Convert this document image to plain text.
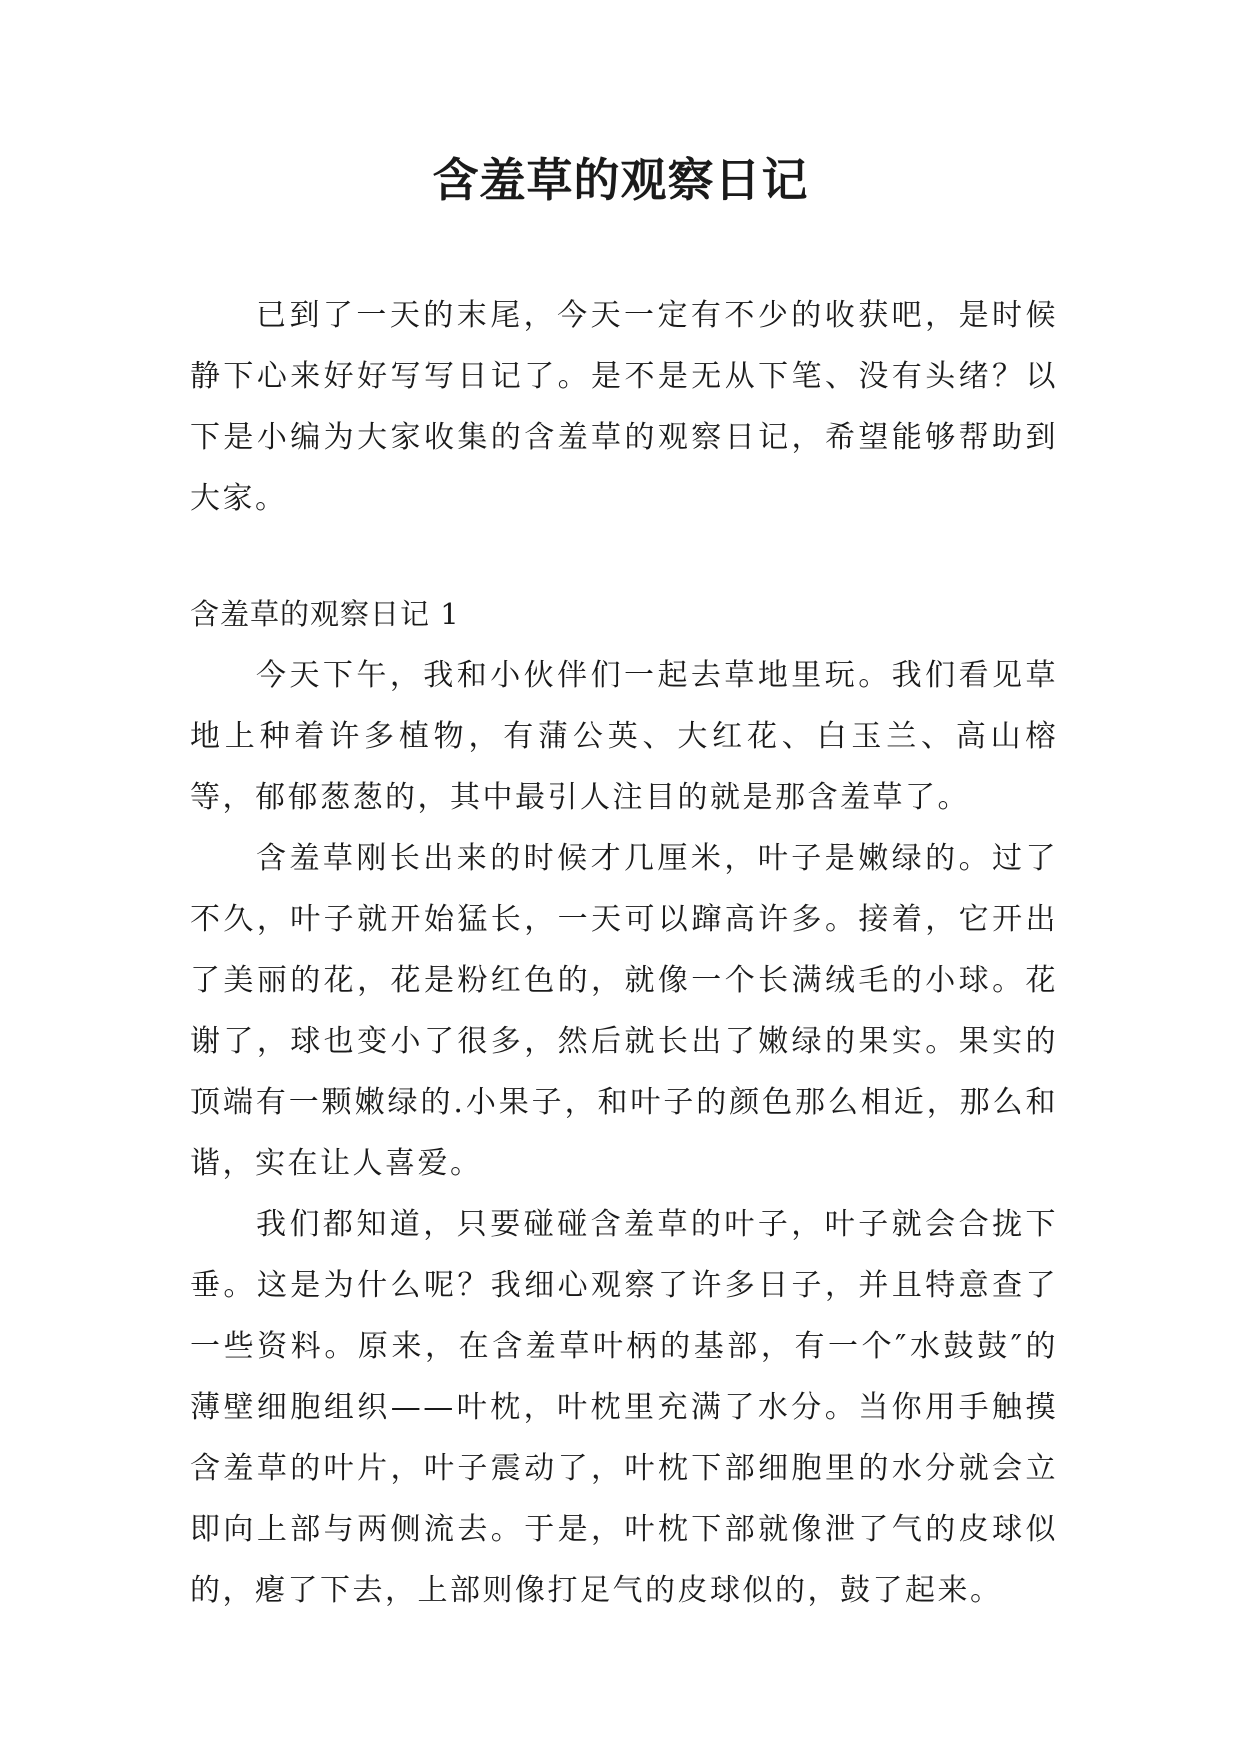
含羞草的观察日记

已到了一天的末尾，今天一定有不少的收获吧，是时候静下心来好好写写日记了。是不是无从下笔、没有头绪？以下是小编为大家收集的含羞草的观察日记，希望能够帮助到大家。

含羞草的观察日记 1

今天下午，我和小伙伴们一起去草地里玩。我们看见草地上种着许多植物，有蒲公英、大红花、白玉兰、高山榕等，郁郁葱葱的，其中最引人注目的就是那含羞草了。

含羞草刚长出来的时候才几厘米，叶子是嫩绿的。过了不久，叶子就开始猛长，一天可以蹿高许多。接着，它开出了美丽的花，花是粉红色的，就像一个长满绒毛的小球。花谢了，球也变小了很多，然后就长出了嫩绿的果实。果实的顶端有一颗嫩绿的.小果子，和叶子的颜色那么相近，那么和谐，实在让人喜爱。

我们都知道，只要碰碰含羞草的叶子，叶子就会合拢下垂。这是为什么呢？我细心观察了许多日子，并且特意查了一些资料。原来，在含羞草叶柄的基部，有一个″水鼓鼓″的薄壁细胞组织——叶枕，叶枕里充满了水分。当你用手触摸含羞草的叶片，叶子震动了，叶枕下部细胞里的水分就会立即向上部与两侧流去。于是，叶枕下部就像泄了气的皮球似的，瘪了下去，上部则像打足气的皮球似的，鼓了起来。
